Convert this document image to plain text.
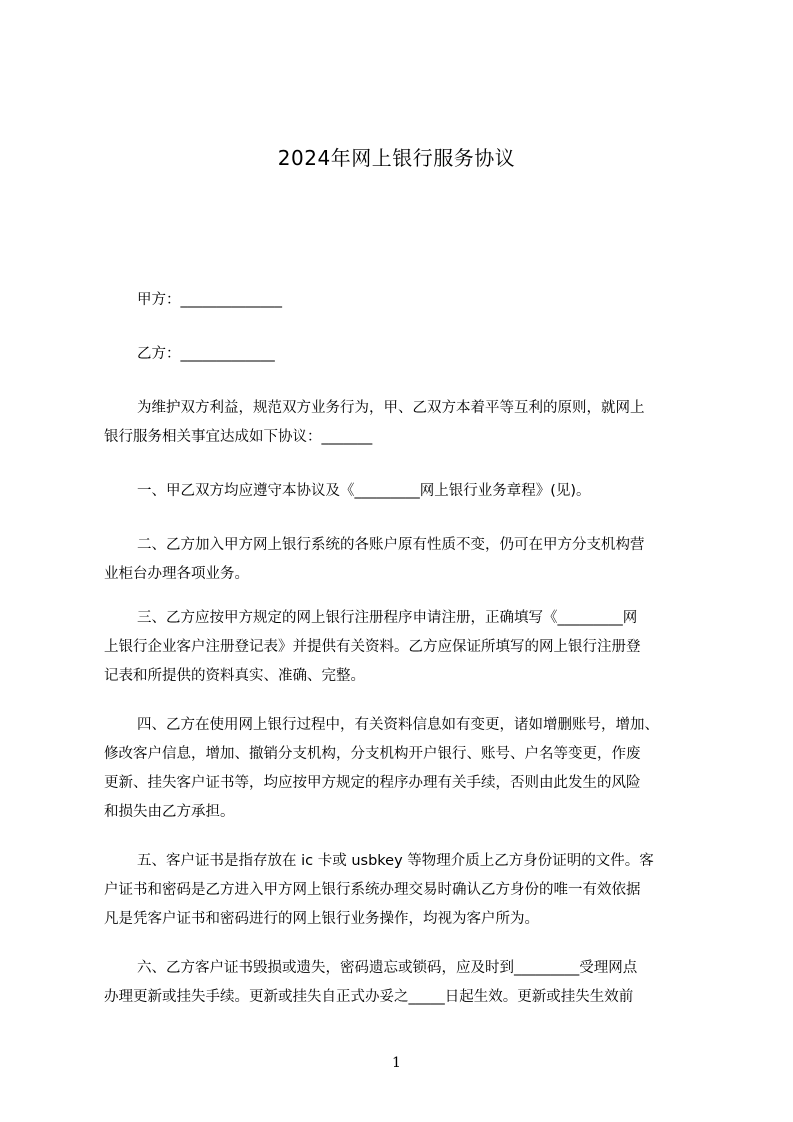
2024年网上银行服务协议

甲方：______________

乙方：_____________

为维护双方利益，规范双方业务行为，甲、乙双方本着平等互利的原则，就网上

银行服务相关事宜达成如下协议：_______

一、甲乙双方均应遵守本协议及《_________网上银行业务章程》(见)。

二、乙方加入甲方网上银行系统的各账户原有性质不变，仍可在甲方分支机构营

业柜台办理各项业务。

三、乙方应按甲方规定的网上银行注册程序申请注册，正确填写《_________网

上银行企业客户注册登记表》并提供有关资料。乙方应保证所填写的网上银行注册登

记表和所提供的资料真实、准确、完整。

四、乙方在使用网上银行过程中，有关资料信息如有变更，诸如增删账号，增加、

修改客户信息，增加、撤销分支机构，分支机构开户银行、账号、户名等变更，作废

更新、挂失客户证书等，均应按甲方规定的程序办理有关手续，否则由此发生的风险

和损失由乙方承担。

五、客户证书是指存放在 ic 卡或 usbkey 等物理介质上乙方身份证明的文件。客

户证书和密码是乙方进入甲方网上银行系统办理交易时确认乙方身份的唯一有效依据

凡是凭客户证书和密码进行的网上银行业务操作，均视为客户所为。

六、乙方客户证书毁损或遗失，密码遗忘或锁码，应及时到_________受理网点

办理更新或挂失手续。更新或挂失自正式办妥之_____日起生效。更新或挂失生效前

1
